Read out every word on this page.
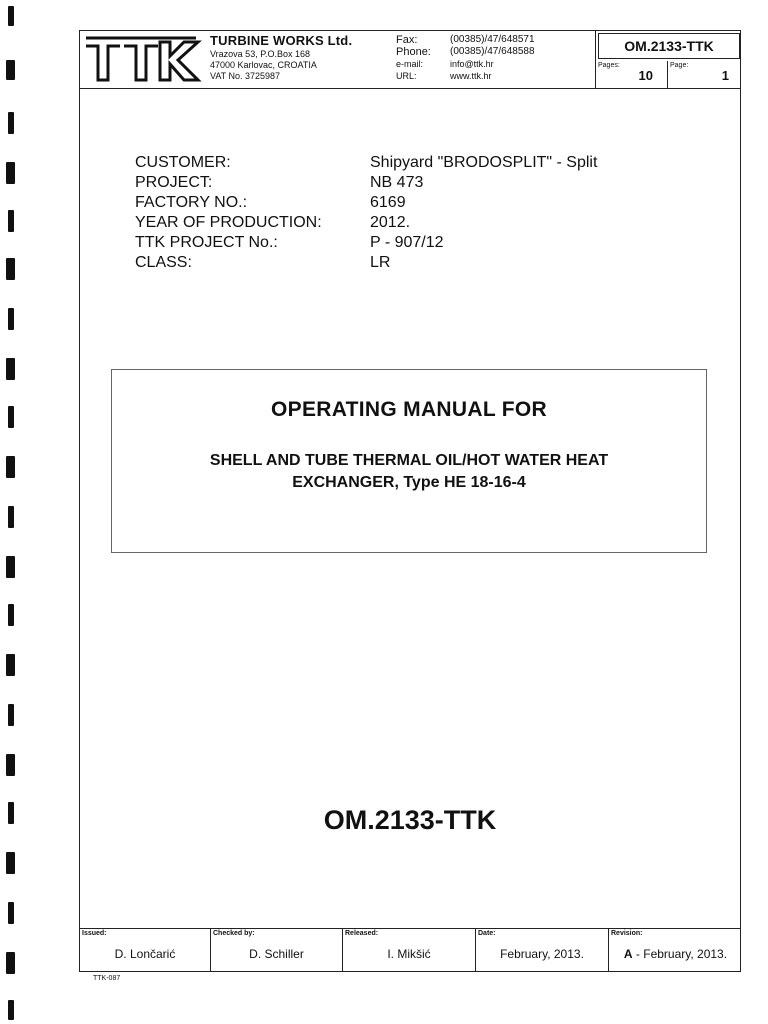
TURBINE WORKS Ltd.
Vrazova 53, P.O.Box 168
47000 Karlovac, CROATIA
VAT No. 3725987
Fax:	(00385)/47/648571
Phone:	(00385)/47/648588
e-mail:	info@ttk.hr
URL:	www.ttk.hr
OM.2133-TTK
Pages:
10
Page:
1
CUSTOMER:	Shipyard "BRODOSPLIT" - Split
PROJECT:	NB 473
FACTORY NO.:	6169
YEAR OF PRODUCTION:	2012.
TTK PROJECT No.:	P - 907/12
CLASS:	LR
OPERATING MANUAL FOR
SHELL AND TUBE THERMAL OIL/HOT WATER HEAT
EXCHANGER, Type HE 18-16-4
OM.2133-TTK
Issued:
D. Lončarić
Checked by:
D. Schiller
Released:
I. Mikšić
Date:
February, 2013.
Revision:
A - February, 2013.
TTK-087
